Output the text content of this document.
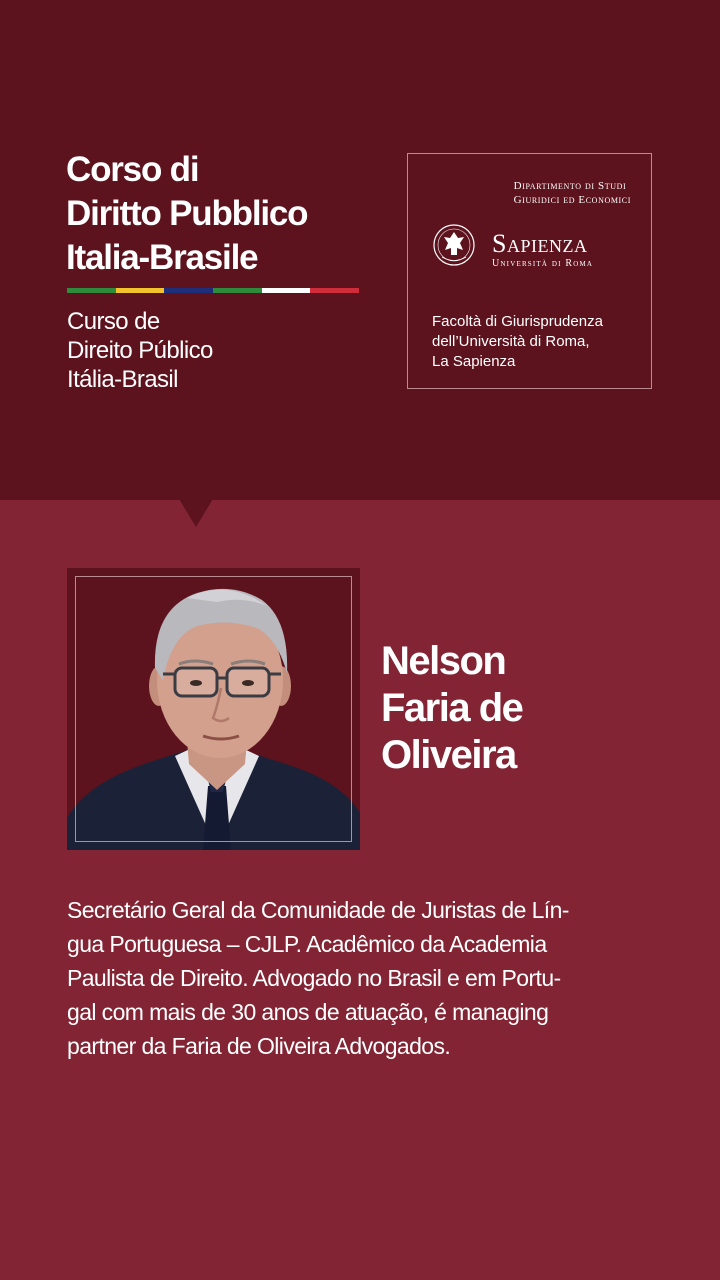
Corso di
Diritto Pubblico
Italia-Brasile
Curso de
Direito Público
Itália-Brasil
Dipartimento di Studi
Giuridici ed Economici
Sapienza
Università di Roma
Facoltà di Giurisprudenza
dell’Università di Roma,
La Sapienza
Nelson
Faria de
Oliveira

Secretário Geral da Comunidade de Juristas de Lín-
gua Portuguesa – CJLP. Acadêmico da Academia
Paulista de Direito. Advogado no Brasil e em Portu-
gal com mais de 30 anos de atuação, é managing
partner da Faria de Oliveira Advogados.
